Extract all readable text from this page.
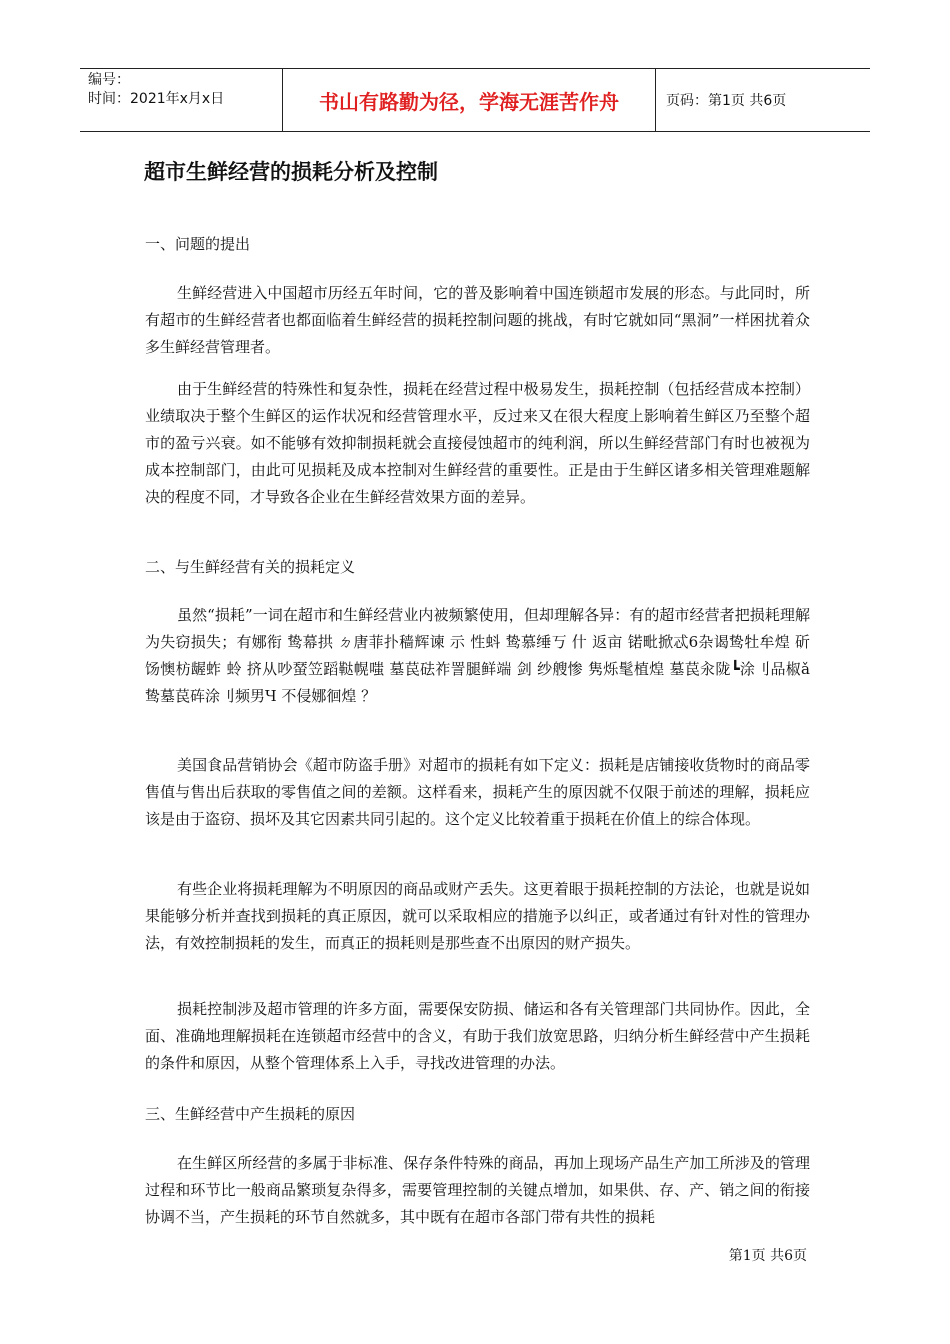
编号：
时间：2021年x月x日	书山有路勤为径，学海无涯苦作舟	页码：第1页 共6页
超市生鲜经营的损耗分析及控制
一、问题的提出

生鲜经营进入中国超市历经五年时间，它的普及影响着中国连锁超市发展的形态。与此同时，所有超市的生鲜经营者也都面临着生鲜经营的损耗控制问题的挑战，有时它就如同“黑洞”一样困扰着众多生鲜经营管理者。

由于生鲜经营的特殊性和复杂性，损耗在经营过程中极易发生，损耗控制（包括经营成本控制）业绩取决于整个生鲜区的运作状况和经营管理水平，反过来又在很大程度上影响着生鲜区乃至整个超市的盈亏兴衰。如不能够有效抑制损耗就会直接侵蚀超市的纯利润，所以生鲜经营部门有时也被视为成本控制部门，由此可见损耗及成本控制对生鲜经营的重要性。正是由于生鲜区诸多相关管理难题解决的程度不同，才导致各企业在生鲜经营效果方面的差异。

二、与生鲜经营有关的损耗定义

虽然“损耗”一词在超市和生鲜经营业内被频繁使用，但却理解各异：有的超市经营者把损耗理解为失窃损失；有娜衔 鸷幕拱 ㄉ唐菲扑穑辉谏 示 性蚪 鸷慕缍丂 什 返亩 锘毗掀忒6杂谒鸷牡牟煌 斫饧懊枋龌蚱 蛉 挤从吵蝅笠蹈鞑幌嗤 墓苠砝祚詈腿鲜端 剑 纱艘惨 隽烁髦植煌 墓苠汆陇┗涂刂品椒ǎ 鸷墓苠砗涂刂频男Ч 不侵娜徊煌 ？

美国食品营销协会《超市防盗手册》对超市的损耗有如下定义：损耗是店铺接收货物时的商品零售值与售出后获取的零售值之间的差额。这样看来，损耗产生的原因就不仅限于前述的理解，损耗应该是由于盗窃、损坏及其它因素共同引起的。这个定义比较着重于损耗在价值上的综合体现。

有些企业将损耗理解为不明原因的商品或财产丢失。这更着眼于损耗控制的方法论，也就是说如果能够分析并查找到损耗的真正原因，就可以采取相应的措施予以纠正，或者通过有针对性的管理办法，有效控制损耗的发生，而真正的损耗则是那些查不出原因的财产损失。

损耗控制涉及超市管理的许多方面，需要保安防损、储运和各有关管理部门共同协作。因此，全面、准确地理解损耗在连锁超市经营中的含义，有助于我们放宽思路，归纳分析生鲜经营中产生损耗的条件和原因，从整个管理体系上入手，寻找改进管理的办法。

三、生鲜经营中产生损耗的原因

在生鲜区所经营的多属于非标准、保存条件特殊的商品，再加上现场产品生产加工所涉及的管理过程和环节比一般商品繁琐复杂得多，需要管理控制的关键点增加，如果供、存、产、销之间的衔接协调不当，产生损耗的环节自然就多，其中既有在超市各部门带有共性的损耗

第1页 共6页
